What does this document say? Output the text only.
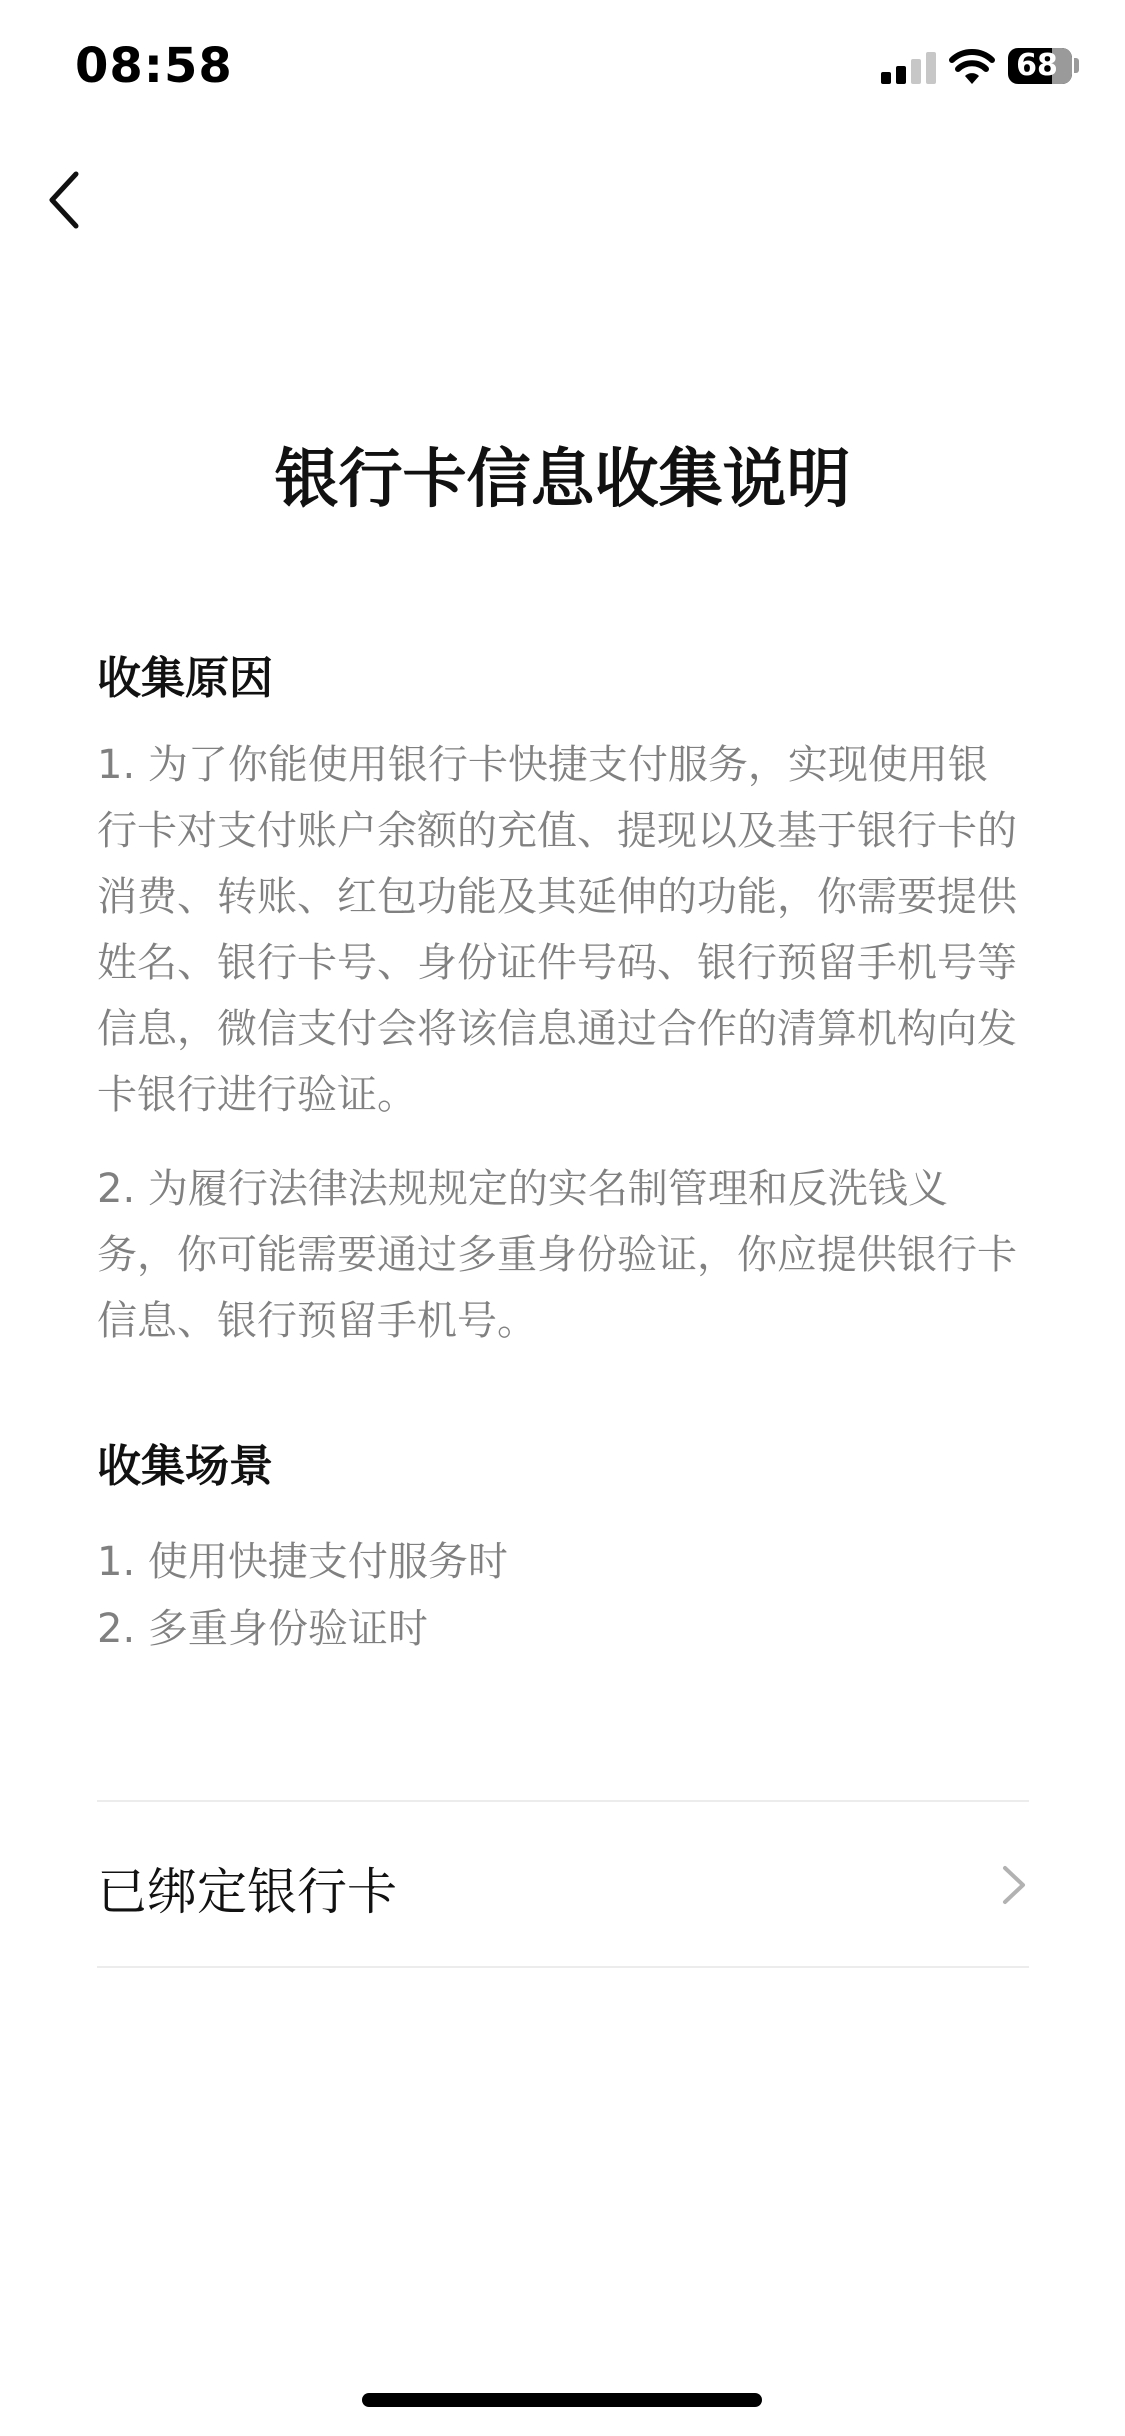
08:58	68
银行卡信息收集说明
收集原因

1. 为了你能使用银行卡快捷支付服务，实现使用银行卡对支付账户余额的充值、提现以及基于银行卡的消费、转账、红包功能及其延伸的功能，你需要提供姓名、银行卡号、身份证件号码、银行预留手机号等信息，微信支付会将该信息通过合作的清算机构向发卡银行进行验证。

2. 为履行法律法规规定的实名制管理和反洗钱义务，你可能需要通过多重身份验证，你应提供银行卡信息、银行预留手机号。

收集场景
1. 使用快捷支付服务时
2. 多重身份验证时
已绑定银行卡
